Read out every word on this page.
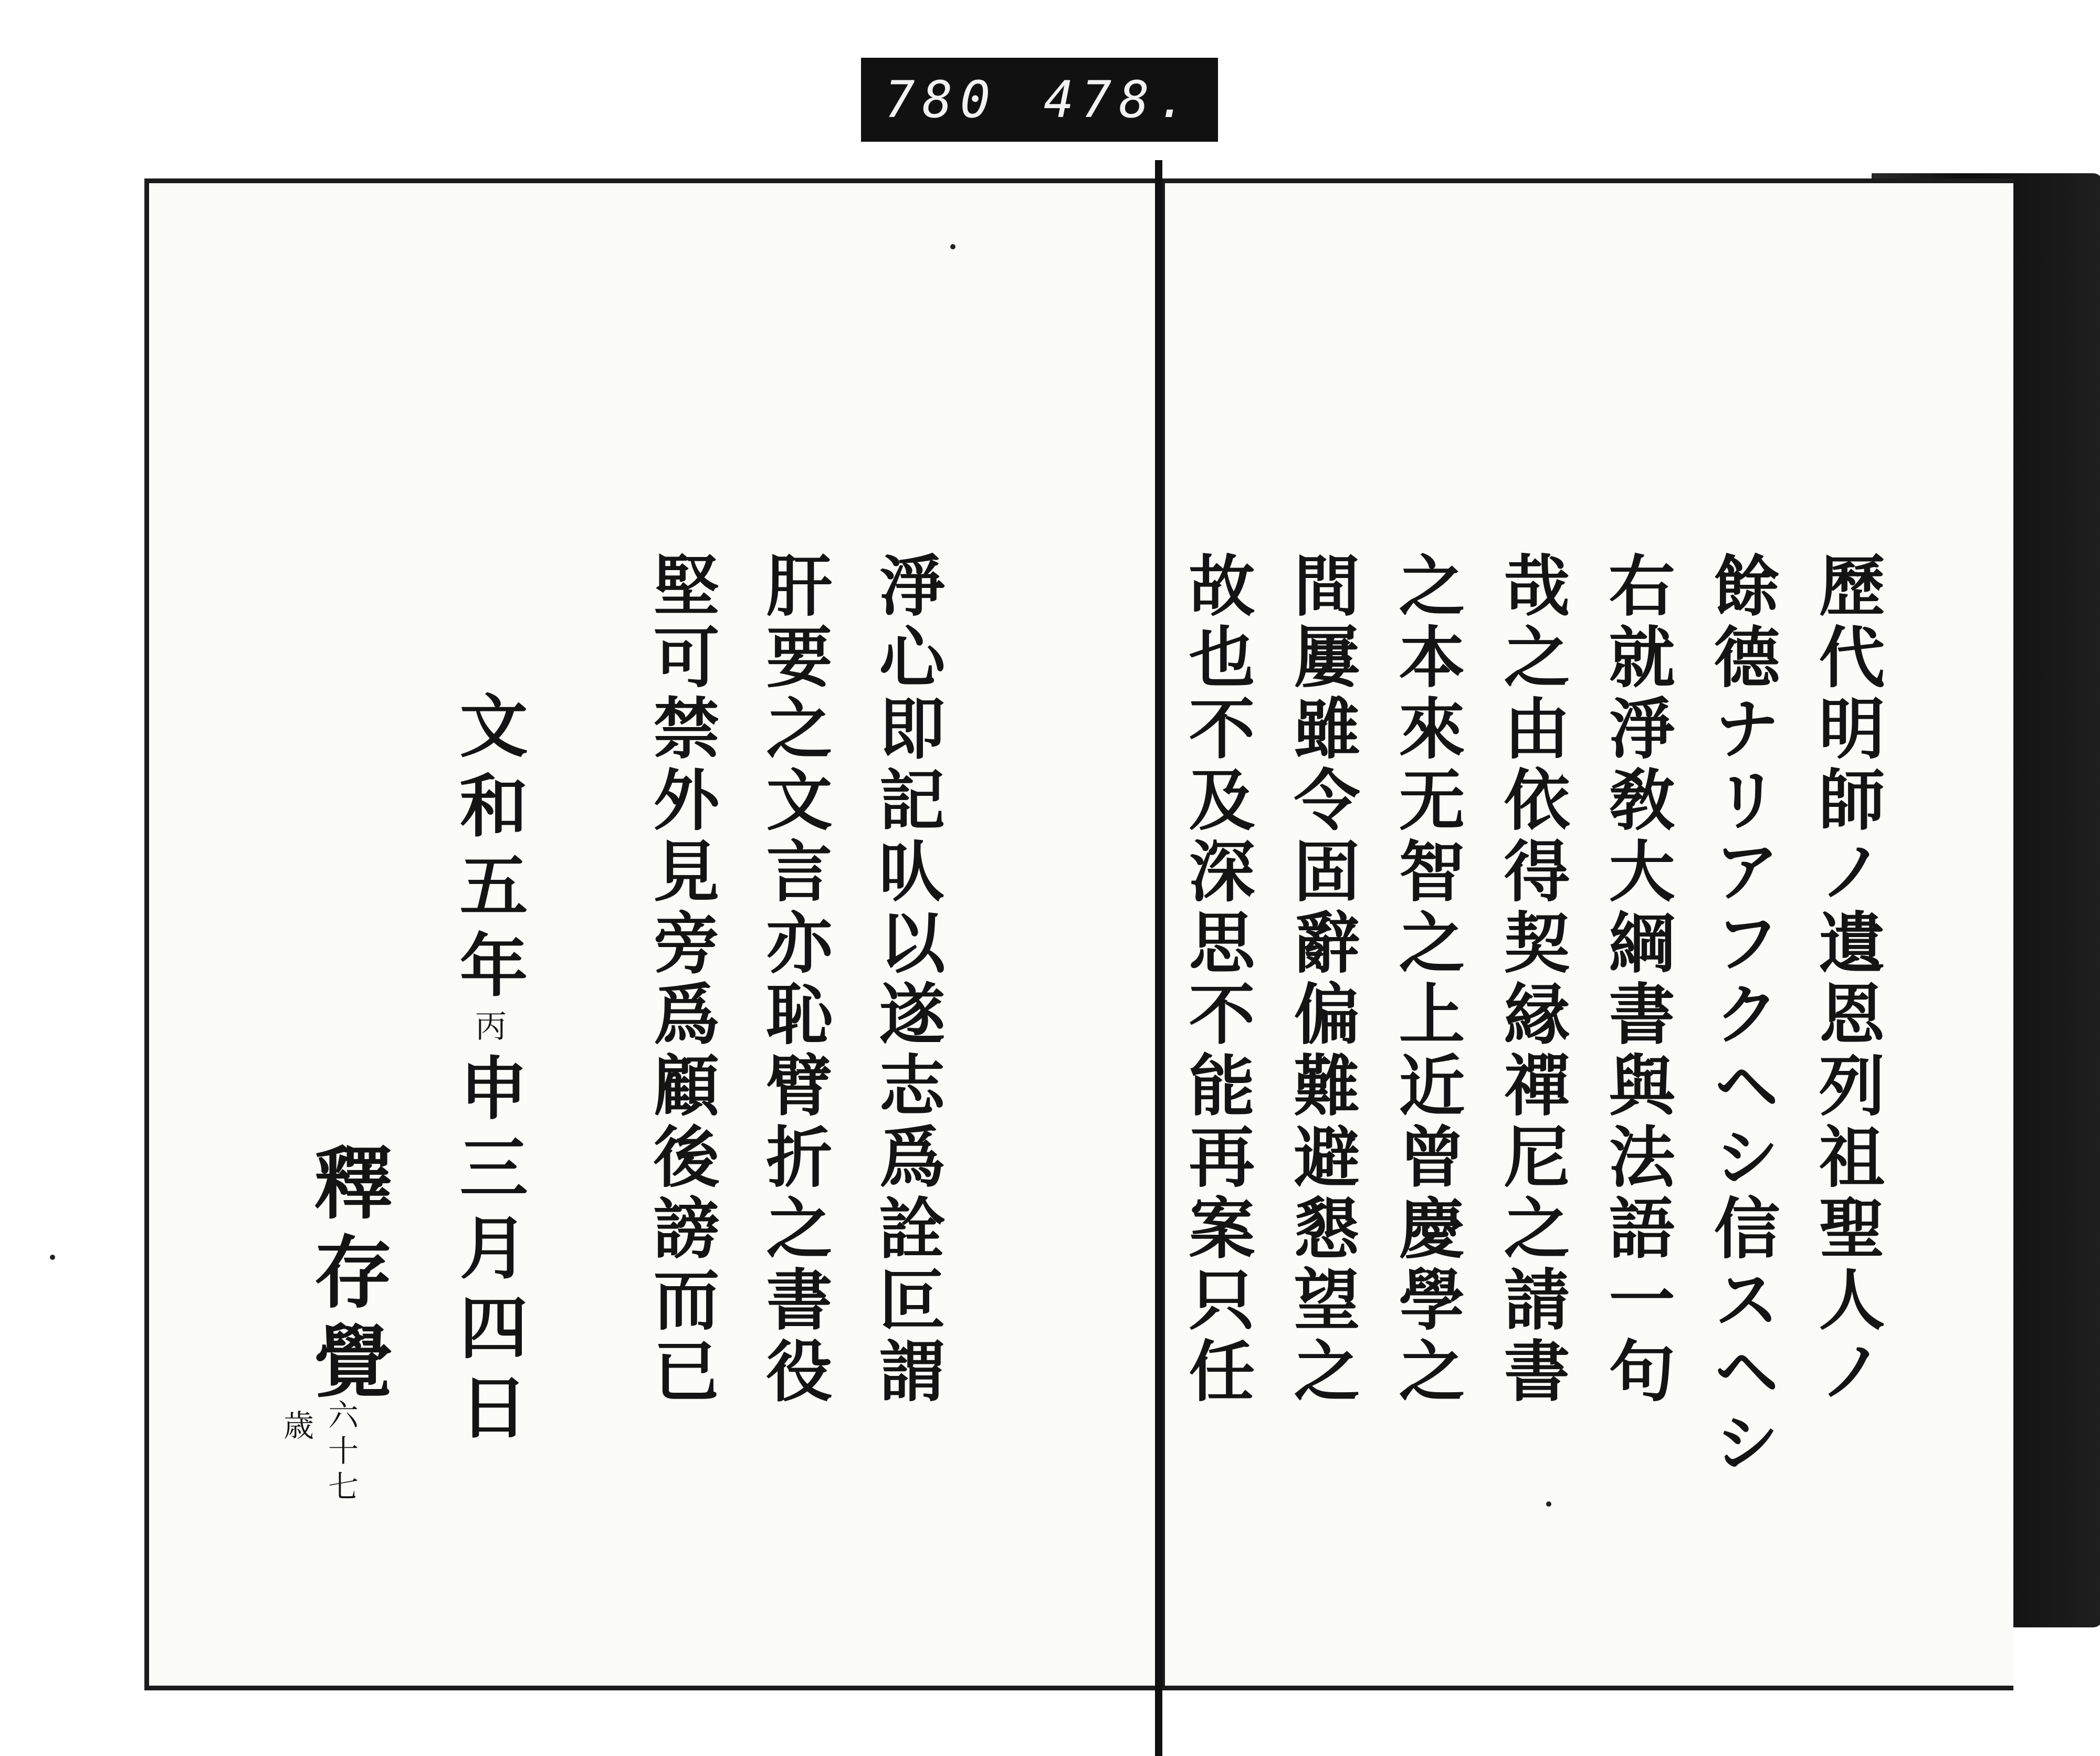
780 478.
歷代明師ノ遺恩列祖聖人ノ
餘德ナリアフクヘシ信スヘシ
右就淨敎大綱書與法語一句
哉之由依得契縁禪尼之請書
之本來无智之上近曾慶學之
間屢雖令固辭偏難避懇望之
故也不及深思不能再案只任
淨心即記㕥以遂志爲詮叵謂
肝要之文言亦恥臂折之書役
堅可禁外見旁爲顧後謗而已
文和五年丙申三月四日
釋存覺
六十七
歳
